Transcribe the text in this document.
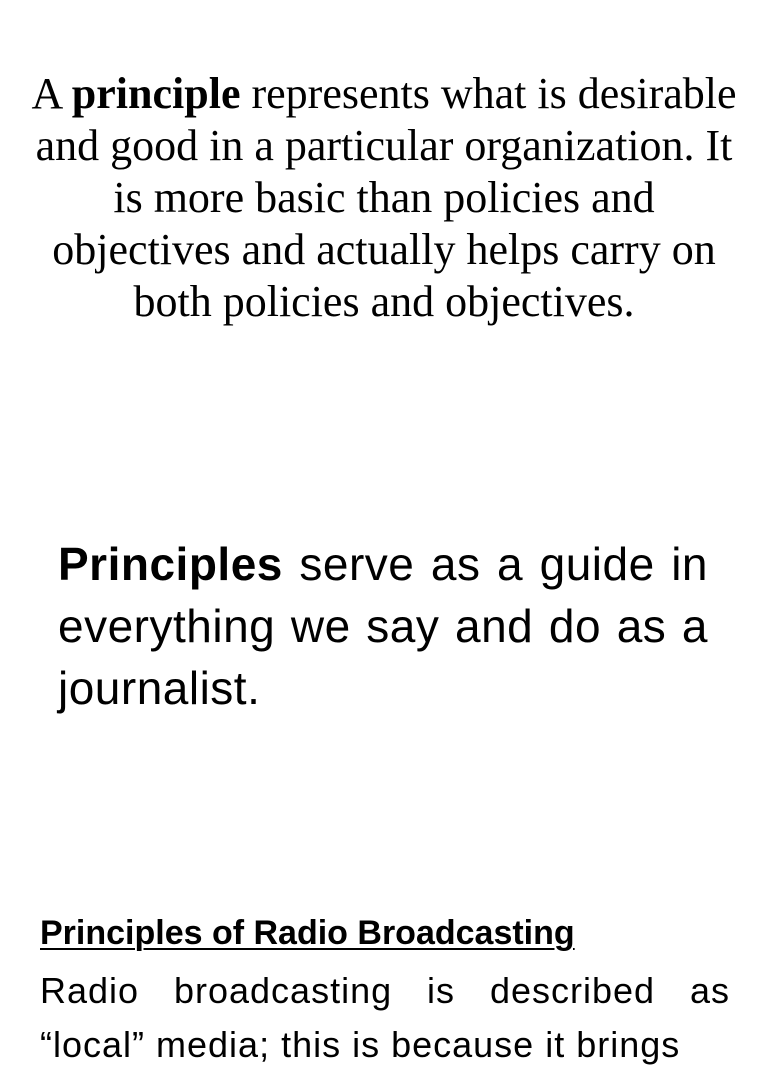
A principle represents what is desirable and good in a particular organization. It is more basic than policies and objectives and actually helps carry on both policies and objectives.

Principles serve as a guide in everything we say and do as a journalist.

Principles of Radio Broadcasting

Radio broadcasting is described as “local” media; this is because it brings
